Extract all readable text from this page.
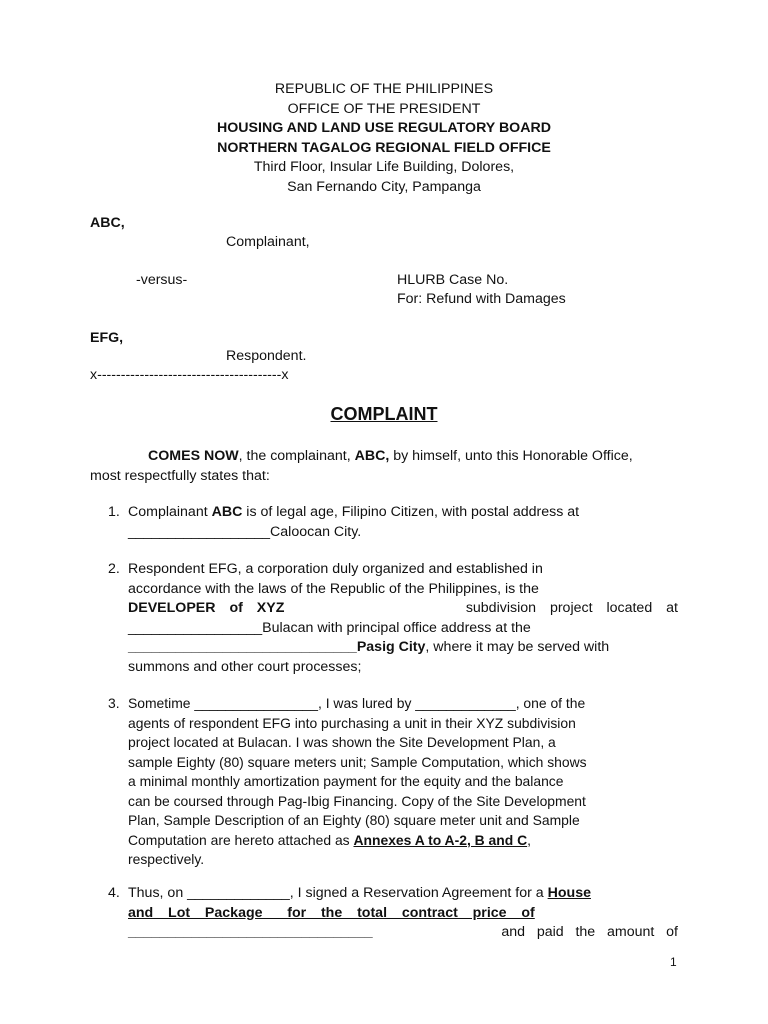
REPUBLIC OF THE PHILIPPINES
OFFICE OF THE PRESIDENT
HOUSING AND LAND USE REGULATORY BOARD
NORTHERN TAGALOG REGIONAL FIELD OFFICE
Third Floor, Insular Life Building, Dolores,
San Fernando City, Pampanga
ABC,
Complainant,
-versus-	HLURB Case No.
For: Refund with Damages
EFG,
Respondent.
x---------------------------------------x
COMPLAINT
COMES NOW, the complainant, ABC, by himself, unto this Honorable Office,
most respectfully states that:
1. Complainant ABC is of legal age, Filipino Citizen, with postal address at
__________________Caloocan City.
2. Respondent EFG, a corporation duly organized and established in
accordance with the laws of the Republic of the Philippines, is the
DEVELOPER of XYZ	subdivision project located at
_________________Bulacan with principal office address at the
_____________________________Pasig City, where it may be served with
summons and other court processes;
3. Sometime ________________, I was lured by _____________, one of the
agents of respondent EFG into purchasing a unit in their XYZ subdivision
project located at Bulacan. I was shown the Site Development Plan, a
sample Eighty (80) square meters unit; Sample Computation, which shows
a minimal monthly amortization payment for the equity and the balance
can be coursed through Pag-Ibig Financing. Copy of the Site Development
Plan, Sample Description of an Eighty (80) square meter unit and Sample
Computation are hereto attached as Annexes A to A-2, B and C,
respectively.
4. Thus, on _____________, I signed a Reservation Agreement for a House
and   Lot   Package     for   the   total   contract   price   of
_______________________________	and   paid   the   amount   of
1
